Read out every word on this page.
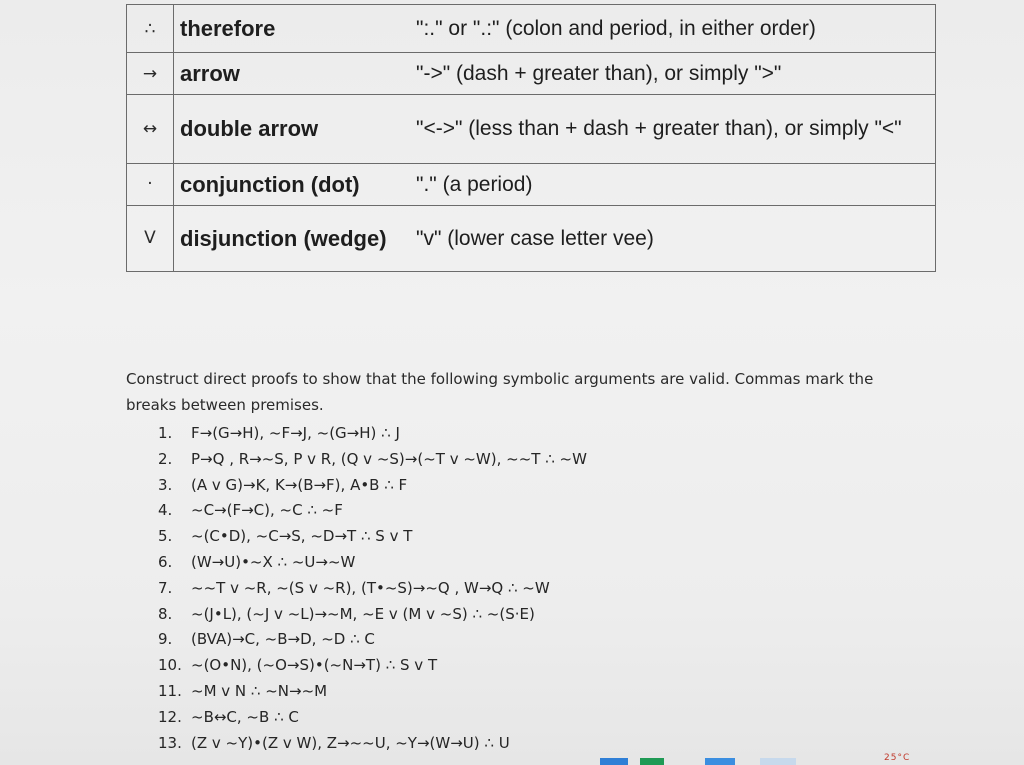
∴	therefore	":." or ".:" (colon and period, in either order)
→	arrow	"->" (dash + greater than), or simply ">"
↔	double arrow	"<->" (less than + dash + greater than), or simply "<"
·	conjunction (dot)	"." (a period)
V	disjunction (wedge)	"v" (lower case letter vee)

Construct direct proofs to show that the following symbolic arguments are valid. Commas mark the breaks between premises.

1. F→(G→H), ~F→J, ~(G→H) ∴ J
2. P→Q , R→~S, P v R, (Q v ~S)→(~T v ~W), ~~T ∴ ~W
3. (A v G)→K, K→(B→F), A•B ∴ F
4. ~C→(F→C), ~C ∴ ~F
5. ~(C•D), ~C→S, ~D→T ∴ S v T
6. (W→U)•~X ∴ ~U→~W
7. ~~T v ~R, ~(S v ~R), (T•~S)→~Q , W→Q ∴ ~W
8. ~(J•L), (~J v ~L)→~M, ~E v (M v ~S) ∴ ~(S·E)
9. (BVA)→C, ~B→D, ~D ∴ C
10. ~(O•N), (~O→S)•(~N→T) ∴ S v T
11. ~M v N ∴ ~N→~M
12. ~B↔C, ~B ∴ C
13. (Z v ~Y)•(Z v W), Z→~~U, ~Y→(W→U) ∴ U
25°C
